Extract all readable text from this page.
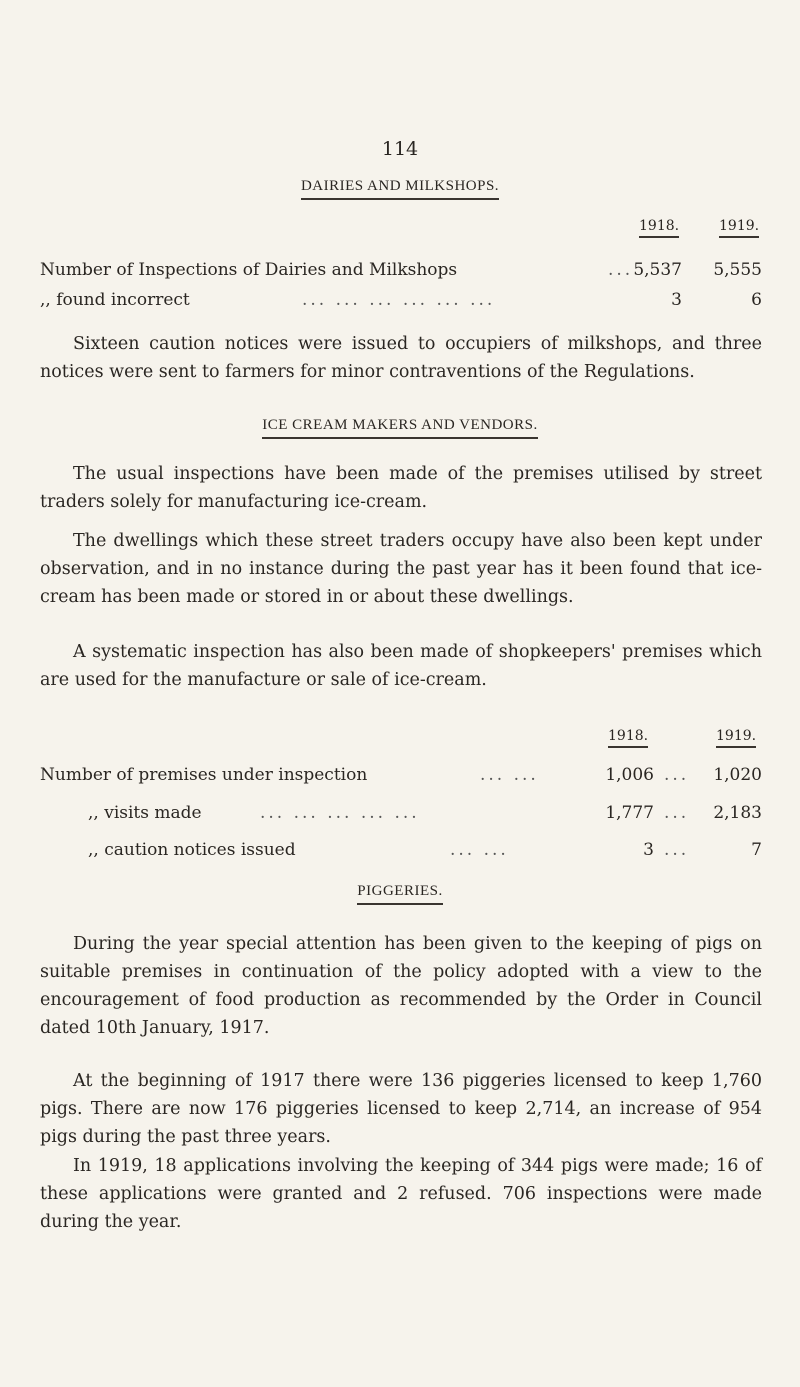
114
DAIRIES AND MILKSHOPS.
1918.	1919.
Number of Inspections of Dairies and Milkshops	... 5,537	5,555
,, found incorrect	... ... ... ... ... ...	3	6
Sixteen caution notices were issued to occupiers of milkshops, and three notices were sent to farmers for minor contraventions of the Regulations.
ICE CREAM MAKERS AND VENDORS.
The usual inspections have been made of the premises utilised by street traders solely for manufacturing ice-cream.
The dwellings which these street traders occupy have also been kept under observation, and in no instance during the past year has it been found that ice-cream has been made or stored in or about these dwellings.
A systematic inspection has also been made of shopkeepers' premises which are used for the manufacture or sale of ice-cream.
1918.	1919.
Number of premises under inspection	... ...	1,006 ...	1,020
,, visits made	... ... ... ... ...	1,777 ...	2,183
,, caution notices issued	... ...	3 ...	7
PIGGERIES.
During the year special attention has been given to the keeping of pigs on suitable premises in continuation of the policy adopted with a view to the encouragement of food production as recommended by the Order in Council dated 10th January, 1917.
At the beginning of 1917 there were 136 piggeries licensed to keep 1,760 pigs. There are now 176 piggeries licensed to keep 2,714, an increase of 954 pigs during the past three years.
In 1919, 18 applications involving the keeping of 344 pigs were made; 16 of these applications were granted and 2 refused. 706 inspections were made during the year.
